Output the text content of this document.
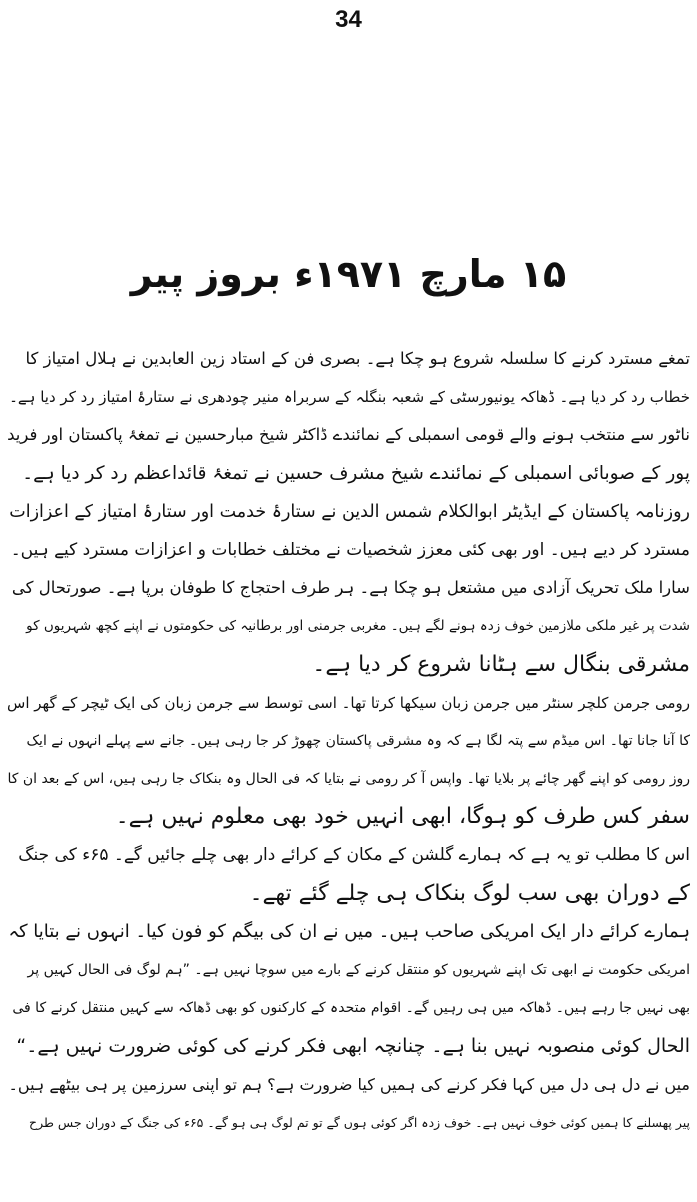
34
۱۵ مارچ ۱۹۷۱ء بروز پیر
تمغے مسترد کرنے کا سلسلہ شروع ہو چکا ہے۔ بصری فن کے استاد زین العابدین نے ہلال امتیاز کا
خطاب رد کر دیا ہے۔ ڈھاکہ یونیورسٹی کے شعبہ بنگلہ کے سربراہ منیر چودھری نے ستارۂ امتیاز رد کر دیا ہے۔
ناٹور سے منتخب ہونے والے قومی اسمبلی کے نمائندے ڈاکٹر شیخ مبارحسین نے تمغۂ پاکستان اور فرید
پور کے صوبائی اسمبلی کے نمائندے شیخ مشرف حسین نے تمغۂ قائداعظم رد کر دیا ہے۔
روزنامہ پاکستان کے ایڈیٹر ابوالکلام شمس الدین نے ستارۂ خدمت اور ستارۂ امتیاز کے اعزازات
مسترد کر دیے ہیں۔ اور بھی کئی معزز شخصیات نے مختلف خطابات و اعزازات مسترد کیے ہیں۔
سارا ملک تحریک آزادی میں مشتعل ہو چکا ہے۔ ہر طرف احتجاج کا طوفان برپا ہے۔ صورتحال کی
شدت پر غیر ملکی ملازمین خوف زدہ ہونے لگے ہیں۔ مغربی جرمنی اور برطانیہ کی حکومتوں نے اپنے کچھ شہریوں کو
مشرقی بنگال سے ہٹانا شروع کر دیا ہے۔
رومی جرمن کلچر سنٹر میں جرمن زبان سیکھا کرتا تھا۔ اسی توسط سے جرمن زبان کی ایک ٹیچر کے گھر اس
کا آنا جانا تھا۔ اس میڈم سے پتہ لگا ہے کہ وہ مشرقی پاکستان چھوڑ کر جا رہی ہیں۔ جانے سے پہلے انہوں نے ایک
روز رومی کو اپنے گھر چائے پر بلایا تھا۔ واپس آ کر رومی نے بتایا کہ فی الحال وہ بنکاک جا رہی ہیں، اس کے بعد ان کا
سفر کس طرف کو ہوگا، ابھی انہیں خود بھی معلوم نہیں ہے۔
اس کا مطلب تو یہ ہے کہ ہمارے گلشن کے مکان کے کرائے دار بھی چلے جائیں گے۔ ۶۵ء کی جنگ
کے دوران بھی سب لوگ بنکاک ہی چلے گئے تھے۔
ہمارے کرائے دار ایک امریکی صاحب ہیں۔ میں نے ان کی بیگم کو فون کیا۔ انہوں نے بتایا کہ
امریکی حکومت نے ابھی تک اپنے شہریوں کو منتقل کرنے کے بارے میں سوچا نہیں ہے۔ ”ہم لوگ فی الحال کہیں پر
بھی نہیں جا رہے ہیں۔ ڈھاکہ میں ہی رہیں گے۔ اقوام متحدہ کے کارکنوں کو بھی ڈھاکہ سے کہیں منتقل کرنے کا فی
الحال کوئی منصوبہ نہیں بنا ہے۔ چنانچہ ابھی فکر کرنے کی کوئی ضرورت نہیں ہے۔“
میں نے دل ہی دل میں کہا فکر کرنے کی ہمیں کیا ضرورت ہے؟ ہم تو اپنی سرزمین پر ہی بیٹھے ہیں۔
پیر پھسلنے کا ہمیں کوئی خوف نہیں ہے۔ خوف زدہ اگر کوئی ہوں گے تو تم لوگ ہی ہو گے۔ ۶۵ء کی جنگ کے دوران جس طرح
